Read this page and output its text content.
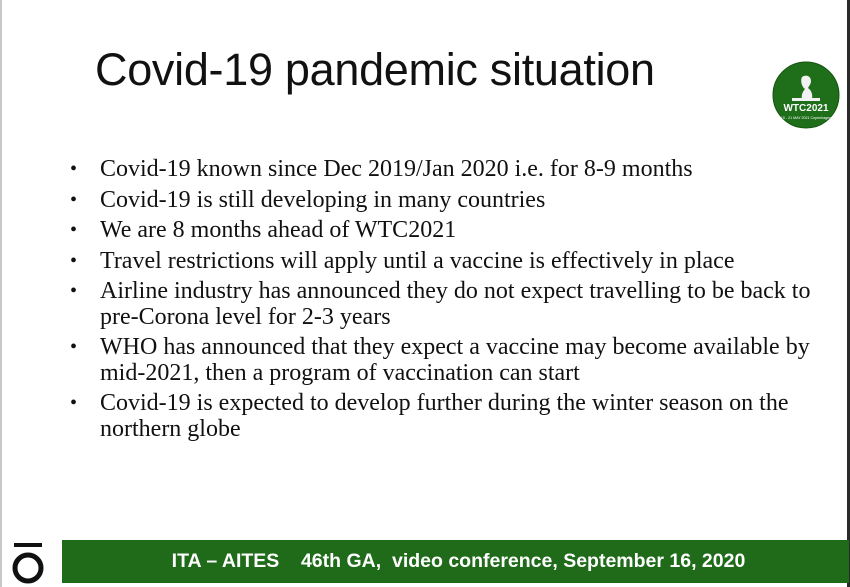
Covid-19 pandemic situation
WTC2021
15 - 21 MAY 2021 Copenhagen
• Covid-19 known since Dec 2019/Jan 2020 i.e. for 8-9 months
• Covid-19 is still developing in many countries
• We are 8 months ahead of WTC2021
• Travel restrictions will apply until a vaccine is effectively in place
• Airline industry has announced they do not expect travelling to be back to pre-Corona level for 2-3 years
• WHO has announced that they expect a vaccine may become available by mid-2021, then a program of vaccination can start
• Covid-19 is expected to develop further during the winter season on the northern globe
ITA – AITES    46th GA,  video conference, September 16, 2020
